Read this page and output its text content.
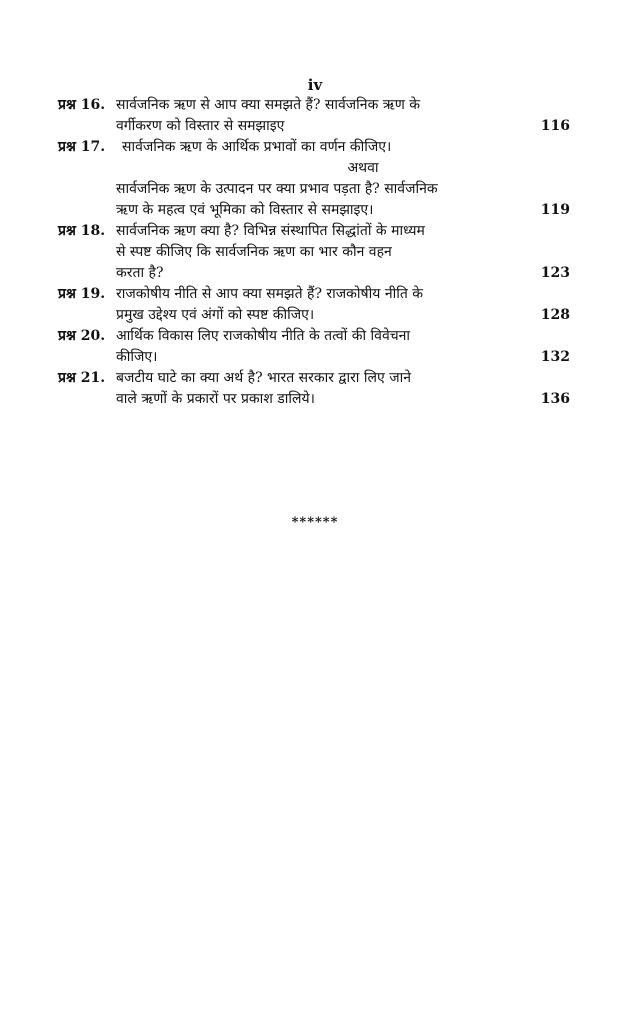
iv
प्रश्न 16. सार्वजनिक ऋण से आप क्या समझते हैं? सार्वजनिक ऋण के
वर्गीकरण को विस्तार से समझाइए	116
प्रश्न 17. सार्वजनिक ऋण के आर्थिक प्रभावों का वर्णन कीजिए।
अथवा
सार्वजनिक ऋण के उत्पादन पर क्या प्रभाव पड़ता है? सार्वजनिक
ऋण के महत्व एवं भूमिका को विस्तार से समझाइए।	119
प्रश्न 18. सार्वजनिक ऋण क्या है? विभिन्न संस्थापित सिद्धांतों के माध्यम
से स्पष्ट कीजिए कि सार्वजनिक ऋण का भार कौन वहन
करता है?	123
प्रश्न 19. राजकोषीय नीति से आप क्या समझते हैं? राजकोषीय नीति के
प्रमुख उद्देश्य एवं अंगों को स्पष्ट कीजिए।	128
प्रश्न 20. आर्थिक विकास लिए राजकोषीय नीति के तत्वों की विवेचना
कीजिए।	132
प्रश्न 21. बजटीय घाटे का क्या अर्थ है? भारत सरकार द्वारा लिए जाने
वाले ऋणों के प्रकारों पर प्रकाश डालिये।	136
******
